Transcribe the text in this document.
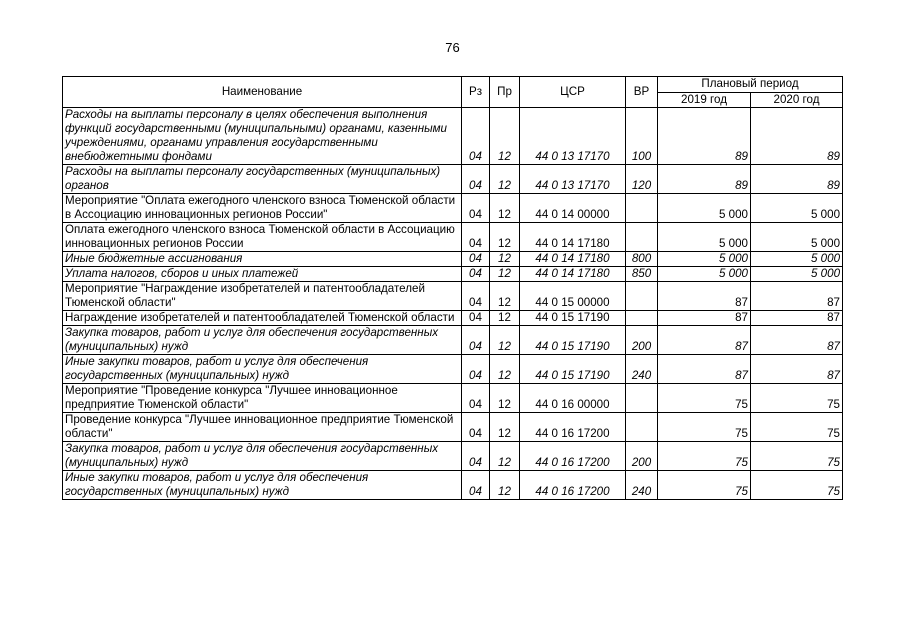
76
Наименование	Рз	Пр	ЦСР	ВР	Плановый период	
					2019 год	2020 год
Расходы на выплаты персоналу в целях обеспечения выполнения функций государственными (муниципальными) органами, казенными учреждениями, органами управления государственными внебюджетными фондами	04	12	44 0 13 17170	100	89	89
Расходы на выплаты персоналу государственных (муниципальных) органов	04	12	44 0 13 17170	120	89	89
Мероприятие "Оплата ежегодного членского взноса Тюменской области в Ассоциацию инновационных регионов России"	04	12	44 0 14 00000		5 000	5 000
Оплата ежегодного членского взноса Тюменской области в Ассоциацию инновационных регионов России	04	12	44 0 14 17180		5 000	5 000
Иные бюджетные ассигнования	04	12	44 0 14 17180	800	5 000	5 000
Уплата налогов, сборов и иных платежей	04	12	44 0 14 17180	850	5 000	5 000
Мероприятие "Награждение изобретателей и патентообладателей Тюменской области"	04	12	44 0 15 00000		87	87
Награждение изобретателей и патентообладателей Тюменской области	04	12	44 0 15 17190		87	87
Закупка товаров, работ и услуг для обеспечения государственных (муниципальных) нужд	04	12	44 0 15 17190	200	87	87
Иные закупки товаров, работ и услуг для обеспечения государственных (муниципальных) нужд	04	12	44 0 15 17190	240	87	87
Мероприятие "Проведение конкурса "Лучшее инновационное предприятие Тюменской области"	04	12	44 0 16 00000		75	75
Проведение конкурса "Лучшее инновационное предприятие Тюменской области"	04	12	44 0 16 17200		75	75
Закупка товаров, работ и услуг для обеспечения государственных (муниципальных) нужд	04	12	44 0 16 17200	200	75	75
Иные закупки товаров, работ и услуг для обеспечения государственных (муниципальных) нужд	04	12	44 0 16 17200	240	75	75
